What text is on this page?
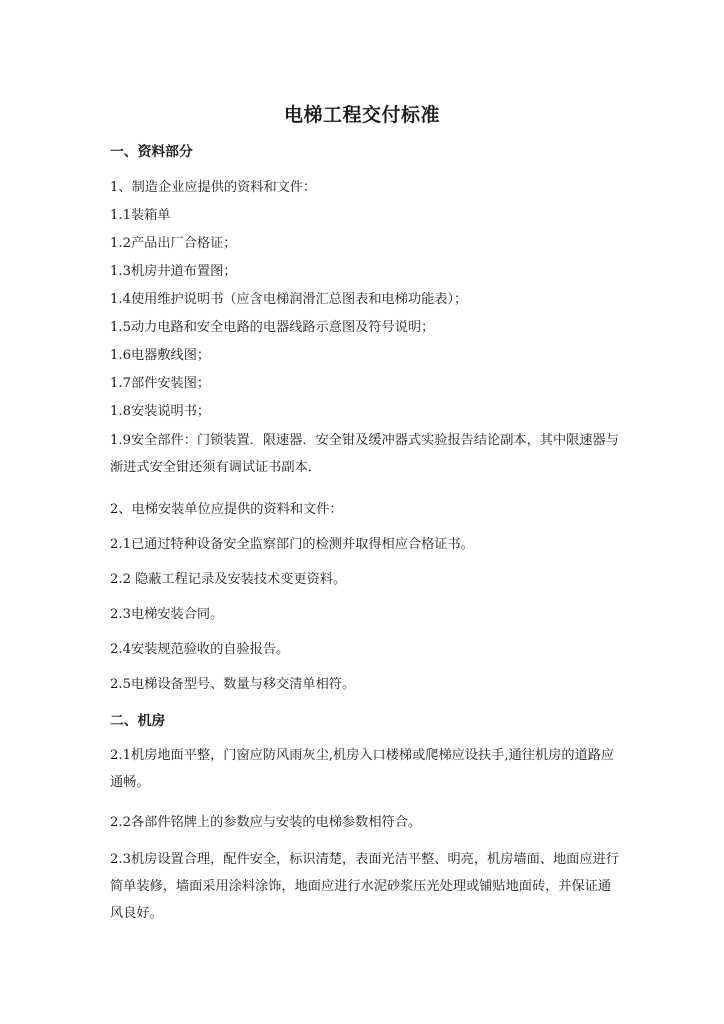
电梯工程交付标准
一、资料部分
1、制造企业应提供的资料和文件：
1.1装箱单
1.2产品出厂合格证；
1.3机房井道布置图；
1.4使用维护说明书（应含电梯润滑汇总图表和电梯功能表）；
1.5动力电路和安全电路的电器线路示意图及符号说明；
1.6电器敷线图；
1.7部件安装图；
1.8安装说明书；
1.9安全部件：门锁装置．限速器．安全钳及缓冲器式实验报告结论副本，其中限速器与渐进式安全钳还须有调试证书副本．
2、电梯安装单位应提供的资料和文件：
2.1已通过特种设备安全监察部门的检测并取得相应合格证书。
2.2 隐蔽工程记录及安装技术变更资料。
2.3电梯安装合同。
2.4安装规范验收的自验报告。
2.5电梯设备型号、数量与移交清单相符。
二、机房
2.1机房地面平整，门窗应防风雨灰尘,机房入口楼梯或爬梯应设扶手,通往机房的道路应通畅。
2.2各部件铭牌上的参数应与安装的电梯参数相符合。
2.3机房设置合理，配件安全，标识清楚，表面光洁平整、明亮，机房墙面、地面应进行简单装修，墙面采用涂料涂饰，地面应进行水泥砂浆压光处理或铺贴地面砖，并保证通风良好。
